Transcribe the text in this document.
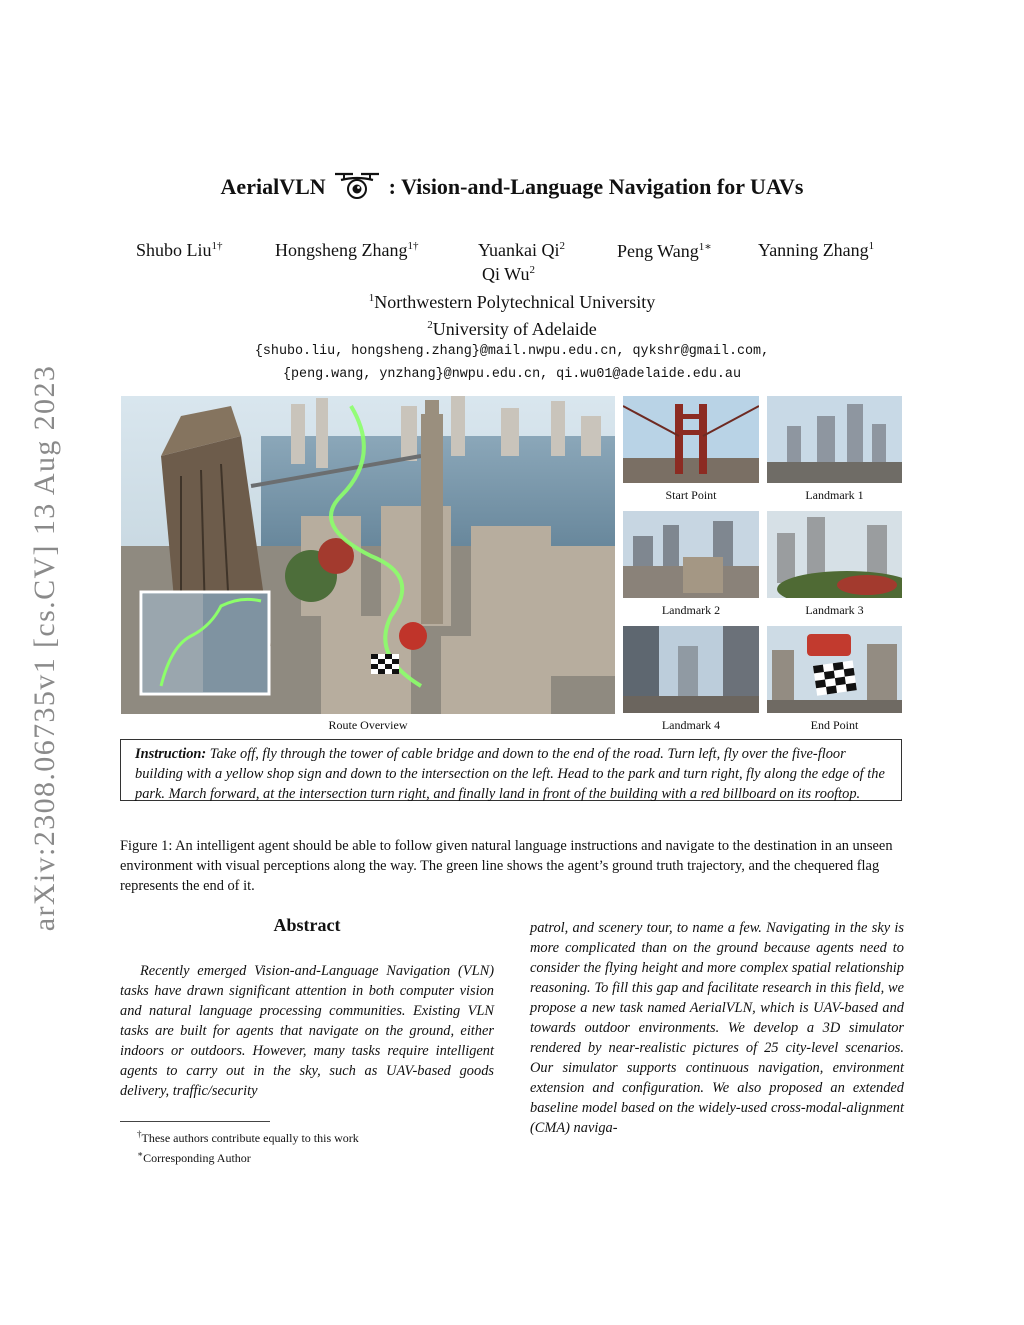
arXiv:2308.06735v1 [cs.CV] 13 Aug 2023
AerialVLN	: Vision-and-Language Navigation for UAVs
Shubo Liu$^{1\dagger}$	Hongsheng Zhang$^{1\dagger}$	Yuankai Qi$^2$	Peng Wang$^{1∗}$	Yanning Zhang$^1$
Qi Wu$^2$
$^1$Northwestern Polytechnical University
$^2$University of Adelaide
{shubo.liu, hongsheng.zhang}@mail.nwpu.edu.cn, qykshr@gmail.com,
{peng.wang, ynzhang}@nwpu.edu.cn, qi.wu01@adelaide.edu.au
Route Overview
Start Point	Landmark 1
Landmark 2	Landmark 3
Landmark 4	End Point
Instruction: Take off, fly through the tower of cable bridge and down to the end of the road. Turn left, fly over the five-floor building with a yellow shop sign and down to the intersection on the left. Head to the park and turn right, fly along the edge of the park. March forward, at the intersection turn right, and finally land in front of the building with a red billboard on its rooftop.
Figure 1: An intelligent agent should be able to follow given natural language instructions and navigate to the destination in an unseen environment with visual perceptions along the way. The green line shows the agent’s ground truth trajectory, and the chequered flag represents the end of it.
Abstract
Recently emerged Vision-and-Language Navigation (VLN) tasks have drawn significant attention in both computer vision and natural language processing communities. Existing VLN tasks are built for agents that navigate on the ground, either indoors or outdoors. However, many tasks require intelligent agents to carry out in the sky, such as UAV-based goods delivery, traffic/security
patrol, and scenery tour, to name a few. Navigating in the sky is more complicated than on the ground because agents need to consider the flying height and more complex spatial relationship reasoning. To fill this gap and facilitate research in this field, we propose a new task named AerialVLN, which is UAV-based and towards outdoor environments. We develop a 3D simulator rendered by near-realistic pictures of 25 city-level scenarios. Our simulator supports continuous navigation, environment extension and configuration. We also proposed an extended baseline model based on the widely-used cross-modal-alignment (CMA) naviga-
†These authors contribute equally to this work
∗Corresponding Author
